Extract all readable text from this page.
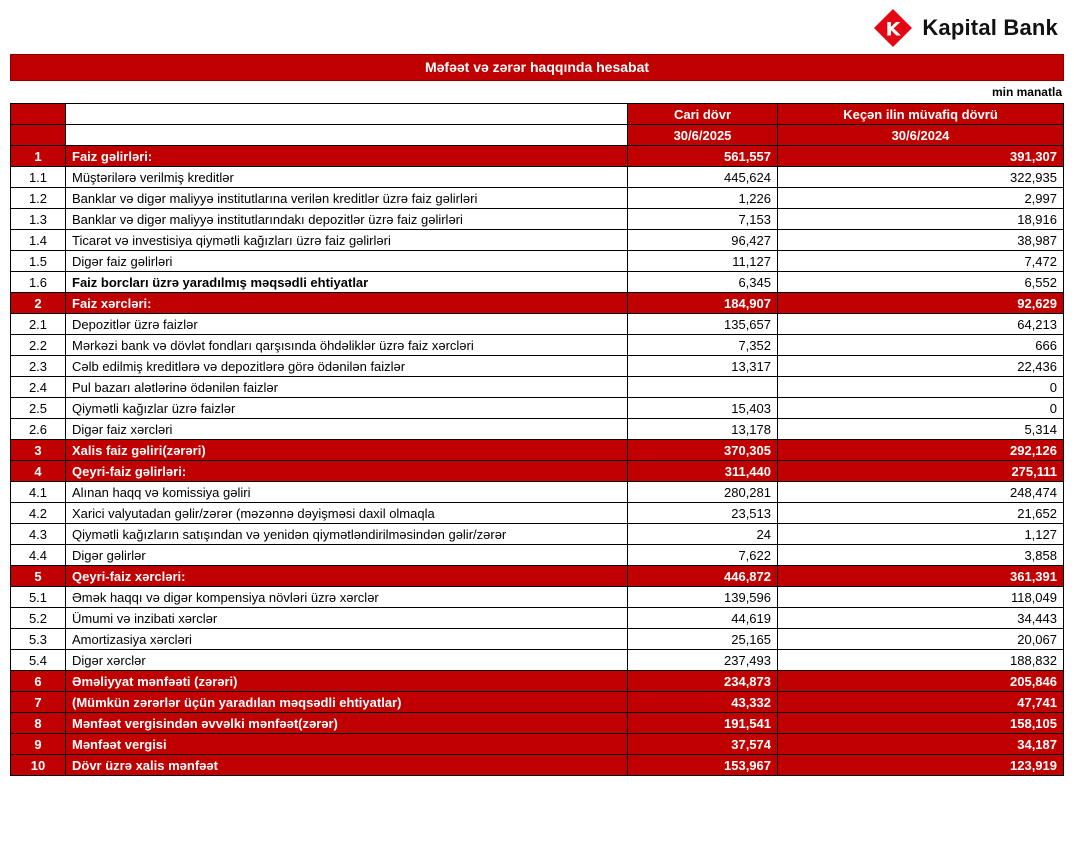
K Kapital Bank
Məfəət və zərər haqqında hesabat
min manatla
		Cari dövr	Keçən ilin müvafiq dövrü
		30/6/2025	30/6/2024
1	Faiz gəlirləri:	561,557	391,307
1.1	Müştərilərə verilmiş kreditlər	445,624	322,935
1.2	Banklar və digər maliyyə institutlarına verilən kreditlər üzrə faiz gəlirləri	1,226	2,997
1.3	Banklar və digər maliyyə institutlarındakı depozitlər üzrə faiz gəlirləri	7,153	18,916
1.4	Ticarət və investisiya qiymətli kağızları üzrə faiz gəlirləri	96,427	38,987
1.5	Digər faiz gəlirləri	11,127	7,472
1.6	Faiz borcları üzrə yaradılmış məqsədli ehtiyatlar	6,345	6,552
2	Faiz xərcləri:	184,907	92,629
2.1	Depozitlər üzrə faizlər	135,657	64,213
2.2	Mərkəzi bank və dövlət fondları qarşısında öhdəliklər üzrə faiz xərcləri	7,352	666
2.3	Cəlb edilmiş kreditlərə və depozitlərə görə ödənilən faizlər	13,317	22,436
2.4	Pul bazarı alətlərinə ödənilən faizlər		0
2.5	Qiymətli kağızlar üzrə faizlər	15,403	0
2.6	Digər faiz xərcləri	13,178	5,314
3	Xalis faiz gəliri(zərəri)	370,305	292,126
4	Qeyri-faiz gəlirləri:	311,440	275,111
4.1	Alınan haqq və komissiya gəliri	280,281	248,474
4.2	Xarici valyutadan gəlir/zərər (məzənnə dəyişməsi daxil olmaqla	23,513	21,652
4.3	Qiymətli kağızların satışından və yenidən qiymətləndirilməsindən gəlir/zərər	24	1,127
4.4	Digər gəlirlər	7,622	3,858
5	Qeyri-faiz xərcləri:	446,872	361,391
5.1	Əmək haqqı və digər kompensiya növləri üzrə xərclər	139,596	118,049
5.2	Ümumi və inzibati xərclər	44,619	34,443
5.3	Amortizasiya xərcləri	25,165	20,067
5.4	Digər xərclər	237,493	188,832
6	Əməliyyat mənfəəti (zərəri)	234,873	205,846
7	(Mümkün zərərlər üçün yaradılan məqsədli ehtiyatlar)	43,332	47,741
8	Mənfəət vergisindən əvvəlki mənfəət(zərər)	191,541	158,105
9	Mənfəət vergisi	37,574	34,187
10	Dövr üzrə xalis mənfəət	153,967	123,919
